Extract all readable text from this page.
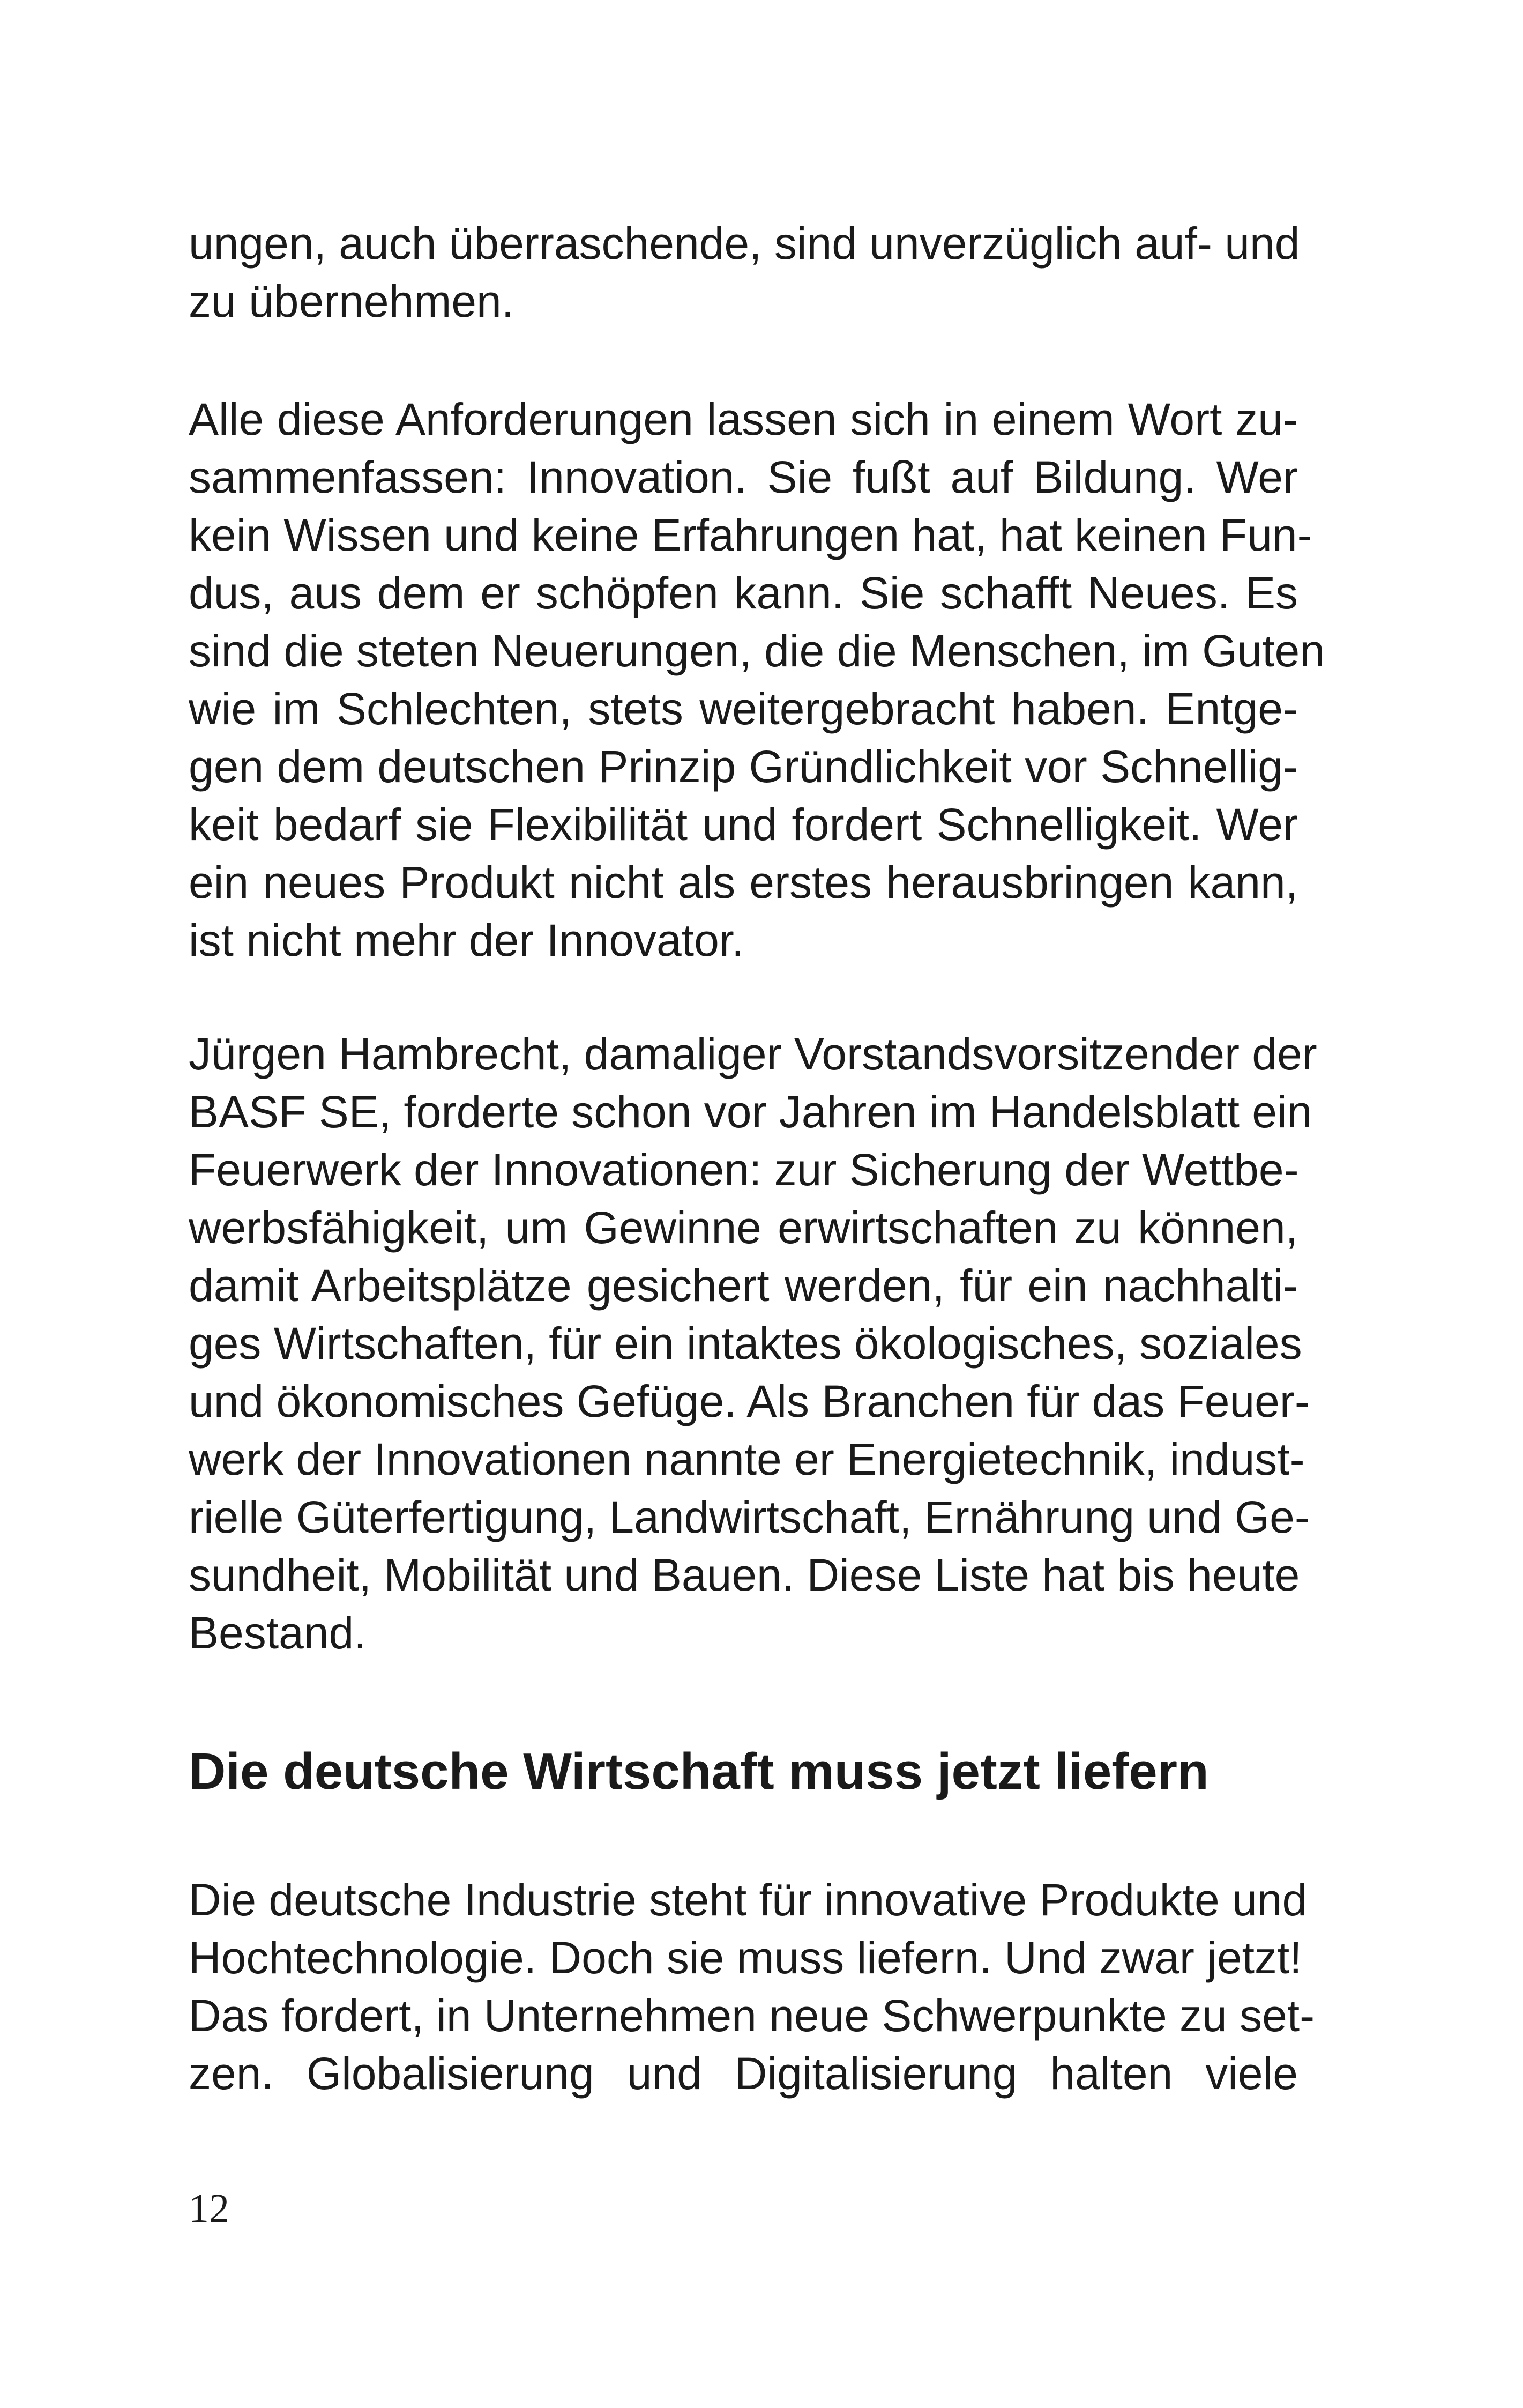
ungen, auch überraschende, sind unverzüglich auf- und
zu übernehmen.

Alle diese Anforderungen lassen sich in einem Wort zu-
sammenfassen: Innovation. Sie fußt auf Bildung. Wer
kein Wissen und keine Erfahrungen hat, hat keinen Fun-
dus, aus dem er schöpfen kann. Sie schafft Neues. Es
sind die steten Neuerungen, die die Menschen, im Guten
wie im Schlechten, stets weitergebracht haben. Entge-
gen dem deutschen Prinzip Gründlichkeit vor Schnellig-
keit bedarf sie Flexibilität und fordert Schnelligkeit. Wer
ein neues Produkt nicht als erstes herausbringen kann,
ist nicht mehr der Innovator.

Jürgen Hambrecht, damaliger Vorstandsvorsitzender der
BASF SE, forderte schon vor Jahren im Handelsblatt ein
Feuerwerk der Innovationen: zur Sicherung der Wettbe-
werbsfähigkeit, um Gewinne erwirtschaften zu können,
damit Arbeitsplätze gesichert werden, für ein nachhalti-
ges Wirtschaften, für ein intaktes ökologisches, soziales
und ökonomisches Gefüge. Als Branchen für das Feuer-
werk der Innovationen nannte er Energietechnik, indust-
rielle Güterfertigung, Landwirtschaft, Ernährung und Ge-
sundheit, Mobilität und Bauen. Diese Liste hat bis heute
Bestand.

Die deutsche Wirtschaft muss jetzt liefern

Die deutsche Industrie steht für innovative Produkte und
Hochtechnologie. Doch sie muss liefern. Und zwar jetzt!
Das fordert, in Unternehmen neue Schwerpunkte zu set-
zen. Globalisierung und Digitalisierung halten viele

12
